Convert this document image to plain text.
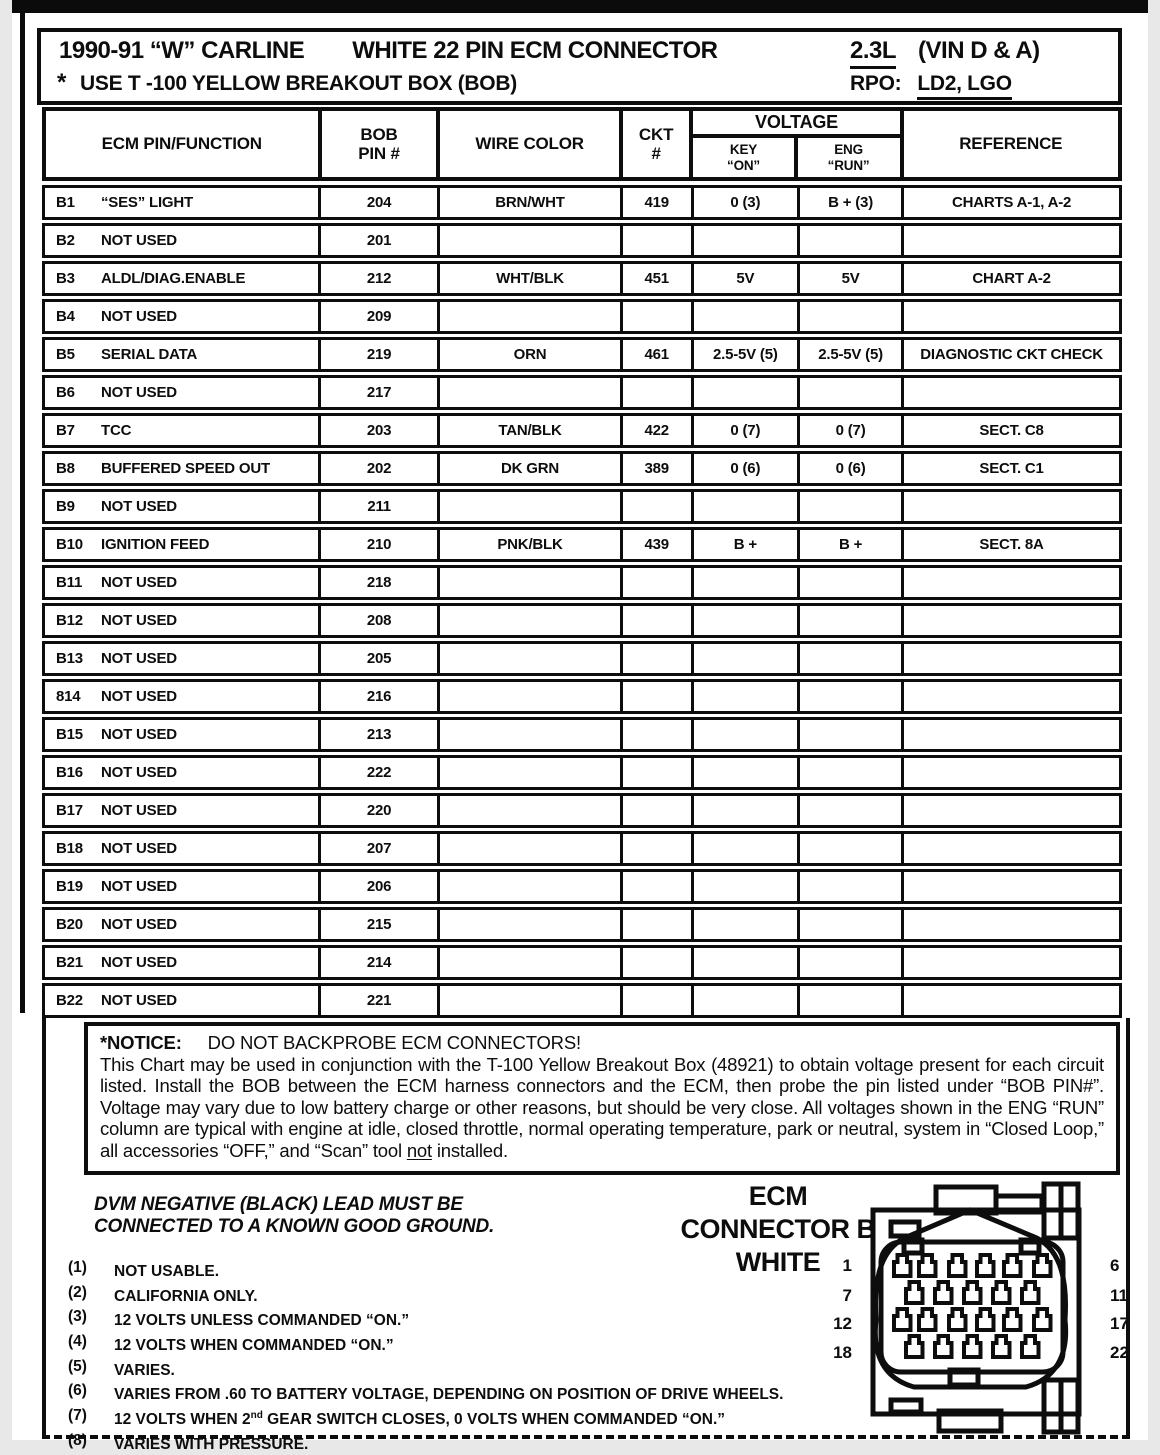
1990-91 “W” CARLINE WHITE 22 PIN ECM CONNECTOR	2.3L (VIN D & A)
* USE T -100 YELLOW BREAKOUT BOX (BOB)	RPO: LD2, LGO
ECM PIN/FUNCTION
BOB
PIN #
WIRE COLOR
CKT
#
VOLTAGE
KEY
“ON”
ENG
“RUN”
REFERENCE
B1	“SES” LIGHT	204	BRN/WHT	419	0 (3)	B + (3)	CHARTS A-1, A-2
B2	NOT USED	201
B3	ALDL/DIAG.ENABLE	212	WHT/BLK	451	5V	5V	CHART A-2
B4	NOT USED	209
B5	SERIAL DATA	219	ORN	461	2.5-5V (5)	2.5-5V (5)	DIAGNOSTIC CKT CHECK
B6	NOT USED	217
B7	TCC	203	TAN/BLK	422	0 (7)	0 (7)	SECT. C8
B8	BUFFERED SPEED OUT	202	DK GRN	389	0 (6)	0 (6)	SECT. C1
B9	NOT USED	211
B10	IGNITION FEED	210	PNK/BLK	439	B +	B +	SECT. 8A
B11	NOT USED	218
B12	NOT USED	208
B13	NOT USED	205
814	NOT USED	216
B15	NOT USED	213
B16	NOT USED	222
B17	NOT USED	220
B18	NOT USED	207
B19	NOT USED	206
B20	NOT USED	215
B21	NOT USED	214
B22	NOT USED	221
*NOTICE: DO NOT BACKPROBE ECM CONNECTORS!
This Chart may be used in conjunction with the T-100 Yellow Breakout Box (48921) to obtain voltage present for each circuit listed. Install the BOB between the ECM harness connectors and the ECM, then probe the pin listed under “BOB PIN#”. Voltage may vary due to low battery charge or other reasons, but should be very close. All voltages shown in the ENG “RUN” column are typical with engine at idle, closed throttle, normal operating temperature, park or neutral, system in “Closed Loop,” all accessories “OFF,” and “Scan” tool not installed.
DVM NEGATIVE (BLACK) LEAD MUST BE
CONNECTED TO A KNOWN GOOD GROUND.
(1)	NOT USABLE.
(2)	CALIFORNIA ONLY.
(3)	12 VOLTS UNLESS COMMANDED “ON.”
(4)	12 VOLTS WHEN COMMANDED “ON.”
(5)	VARIES.
(6)	VARIES FROM .60 TO BATTERY VOLTAGE, DEPENDING ON POSITION OF DRIVE WHEELS.
(7)	12 VOLTS WHEN 2nd GEAR SWITCH CLOSES, 0 VOLTS WHEN COMMANDED “ON.”
(8)	VARIES WITH PRESSURE.
ECM
CONNECTOR B
WHITE	1
7
12
18
6
11
17
22
